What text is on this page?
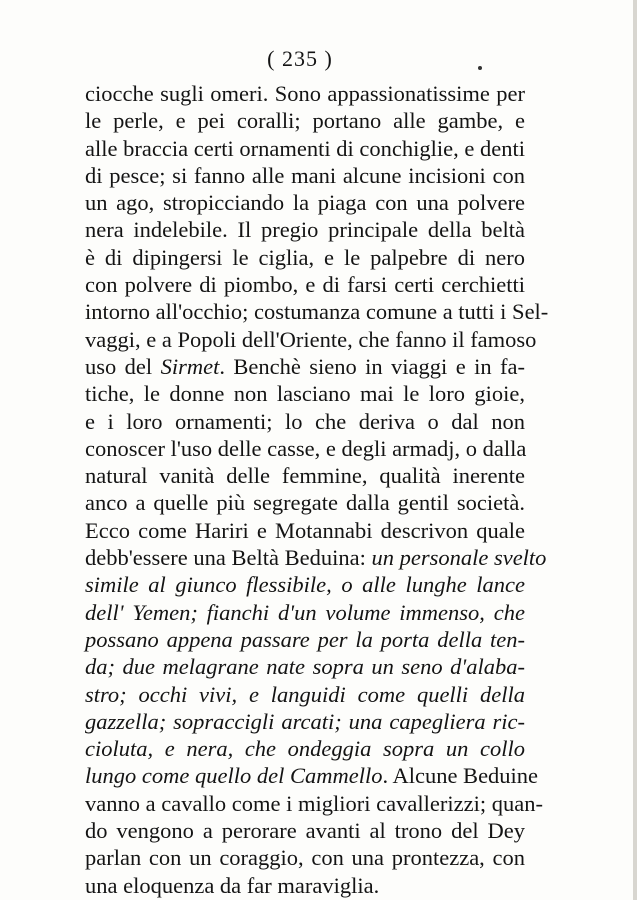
( 235 )
ciocche sugli omeri. Sono appassionatissime per
le perle, e pei coralli; portano alle gambe, e
alle braccia certi ornamenti di conchiglie, e denti
di pesce; si fanno alle mani alcune incisioni con
un ago, stropicciando la piaga con una polvere
nera indelebile. Il pregio principale della beltà
è di dipingersi le ciglia, e le palpebre di nero
con polvere di piombo, e di farsi certi cerchietti
intorno all'occhio; costumanza comune a tutti i Sel-
vaggi, e a Popoli dell'Oriente, che fanno il famoso
uso del Sirmet. Benchè sieno in viaggi e in fa-
tiche, le donne non lasciano mai le loro gioie,
e i loro ornamenti; lo che deriva o dal non
conoscer l'uso delle casse, e degli armadj, o dalla
natural vanità delle femmine, qualità inerente
anco a quelle più segregate dalla gentil società.
Ecco come Hariri e Motannabi descrivon quale
debb'essere una Beltà Beduina: un personale svelto
simile al giunco flessibile, o alle lunghe lance
dell' Yemen; fianchi d'un volume immenso, che
possano appena passare per la porta della ten-
da; due melagrane nate sopra un seno d'alaba-
stro; occhi vivi, e languidi come quelli della
gazzella; sopraccigli arcati; una capegliera ric-
cioluta, e nera, che ondeggia sopra un collo
lungo come quello del Cammello. Alcune Beduine
vanno a cavallo come i migliori cavallerizzi; quan-
do vengono a perorare avanti al trono del Dey
parlan con un coraggio, con una prontezza, con
una eloquenza da far maraviglia.
